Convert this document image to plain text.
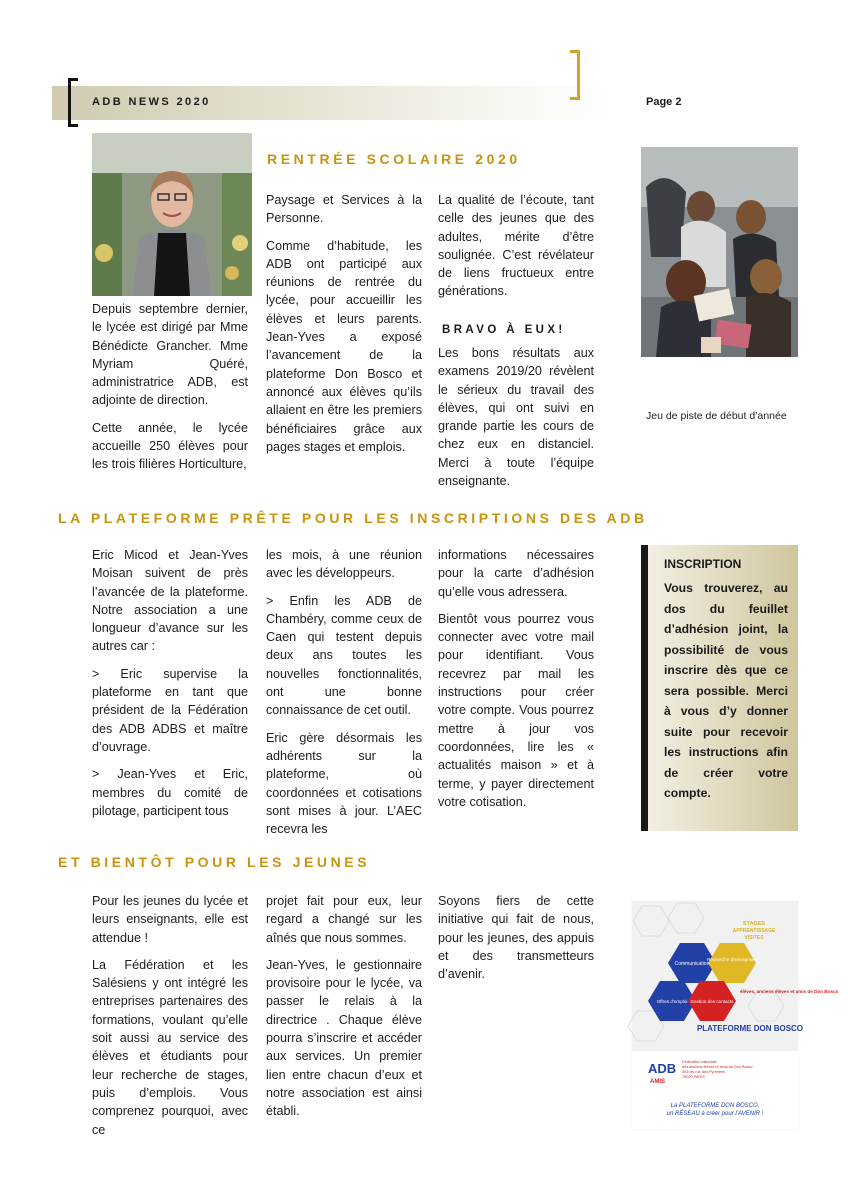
ADB NEWS 2020	Page 2
RENTRÉE SCOLAIRE 2020

Depuis septembre dernier, le lycée est dirigé par Mme Bénédicte Grancher. Mme Myriam Quéré, administratrice ADB, est adjointe de direction.

Cette année, le lycée accueille 250 élèves pour les trois filières Horticulture,

Paysage et Services à la Personne.

Comme d’habitude, les ADB ont participé aux réunions de rentrée du lycée, pour accueillir les élèves et leurs parents. Jean-Yves a exposé l’avancement de la plateforme Don Bosco et annoncé aux élèves qu’ils allaient en être les premiers bénéficiaires grâce aux pages stages et emplois.

La qualité de l’écoute, tant celle des jeunes que des adultes, mérite d’être soulignée. C’est révélateur de liens fructueux entre générations.

BRAVO À EUX!

Les bons résultats aux examens 2019/20 révèlent le sérieux du travail des élèves, qui ont suivi en grande partie les cours de chez eux en distanciel. Merci à toute l’équipe enseignante.

Jeu de piste de début d’année
LA PLATEFORME PRÊTE POUR LES INSCRIPTIONS DES ADB

Eric Micod et Jean-Yves Moisan suivent de près l’avancée de la plateforme. Notre association a une longueur d’avance sur les autres car :

> Eric supervise la plateforme en tant que président de la Fédération des ADB ADBS et maître d’ouvrage.

> Jean-Yves et Eric, membres du comité de pilotage, participent tous

les mois, à une réunion avec les développeurs.

> Enfin les ADB de Chambéry, comme ceux de Caen qui testent depuis deux ans toutes les nouvelles fonctionnalités, ont une bonne connaissance de cet outil.

Eric gère désormais les adhérents sur la plateforme, où coordonnées et cotisations sont mises à jour. L’AEC recevra les

informations nécessaires pour la carte d’adhésion qu’elle vous adressera.

Bientôt vous pourrez vous connecter avec votre mail pour identifiant. Vous recevrez par mail les instructions pour créer votre compte. Vous pourrez mettre à jour vos coordonnées, lire les « actualités maison » et à terme, y payer directement votre cotisation.

INSCRIPTION
Vous trouverez, au dos du feuillet d’adhésion joint, la possibilité de vous inscrire dès que ce sera possible. Merci à vous d’y donner suite pour recevoir les instructions afin de créer votre compte.
ET BIENTÔT POUR LES JEUNES

Pour les jeunes du lycée et leurs enseignants, elle est attendue !

La Fédération et les Salésiens y ont intégré les entreprises partenaires des formations, voulant qu’elle soit aussi au service des élèves et étudiants pour leur recherche de stages, puis d’emplois. Vous comprenez pourquoi, avec ce

projet fait pour eux, leur regard a changé sur les aînés que nous sommes.

Jean-Yves, le gestionnaire provisoire pour le lycée, va passer le relais à la directrice . Chaque élève pourra s’inscrire et accéder aux services. Un premier lien entre chacun d’eux et notre association est ainsi établi.

Soyons fiers de cette initiative qui fait de nous, pour les jeunes, des appuis et des transmetteurs d’avenir.

STAGES
APPRENTISSAGE
VISITES
Communication
Recherche d’entreprises
Offres d’emploi Gestion des contacts
élèves, anciens élèves et amis de Don Bosco
PLATEFORME DON BOSCO
ADB
AMIS
Fédération nationale
des anciens élèves et amis de Don Bosco
393 bis rue des Pyrénées
75020 PARIS
La PLATEFORME DON BOSCO,
un RÉSEAU à créer pour l’AVENIR !
